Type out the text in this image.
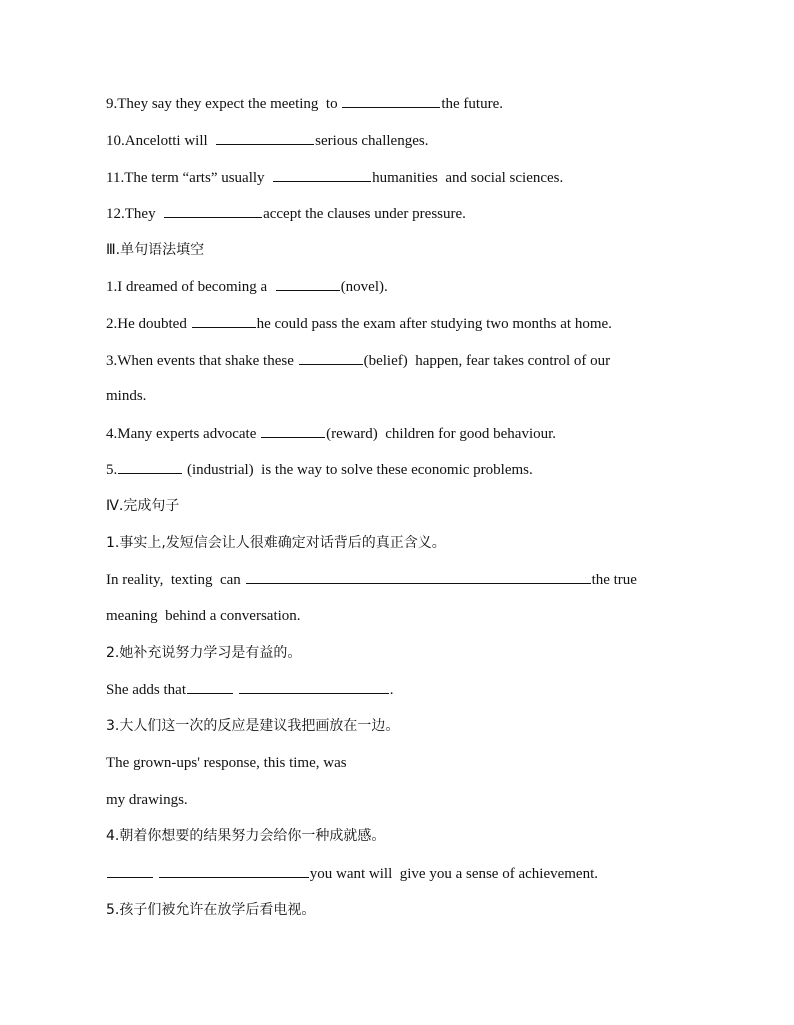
9.They say they expect the meeting  to	the future.
10.Ancelotti will	serious challenges.
11.The term “arts” usually	humanities  and social sciences.
12.They	accept the clauses under pressure.
Ⅲ.单句语法填空
1.I dreamed of becoming a	(novel).
2.He doubted	he could pass the exam after studying two months at home.
3.When events that shake these	(belief)  happen, fear takes control of our
minds.
4.Many experts advocate	(reward)  children for good behaviour.
5.	(industrial)  is the way to solve these economic problems.
Ⅳ.完成句子
1.事实上,发短信会让人很难确定对话背后的真正含义。
In reality,  texting  can	the true
meaning  behind a conversation.
2.她补充说努力学习是有益的。
She adds that	.
3.大人们这一次的反应是建议我把画放在一边。
The grown-ups' response, this time, was
my drawings.
4.朝着你想要的结果努力会给你一种成就感。
you want will  give you a sense of achievement.
5.孩子们被允许在放学后看电视。
